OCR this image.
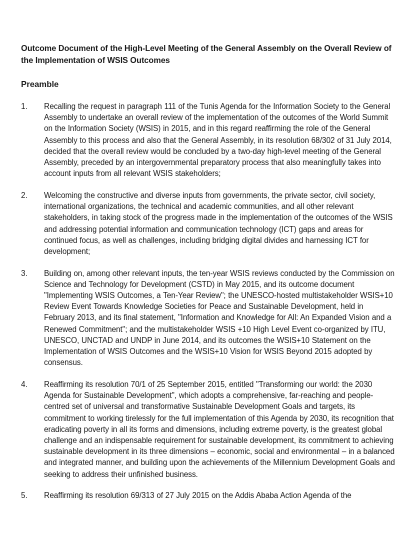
Outcome Document of the High-Level Meeting of the General Assembly on the Overall Review of the Implementation of WSIS Outcomes
Preamble
1.	Recalling the request in paragraph 111 of the Tunis Agenda for the Information Society to the General Assembly to undertake an overall review of the implementation of the outcomes of the World Summit on the Information Society (WSIS) in 2015, and in this regard reaffirming the role of the General Assembly to this process and also that the General Assembly, in its resolution 68/302 of 31 July 2014, decided that the overall review would be concluded by a two-day high-level meeting of the General Assembly, preceded by an intergovernmental preparatory process that also meaningfully takes into account inputs from all relevant WSIS stakeholders;
2.	Welcoming the constructive and diverse inputs from governments, the private sector, civil society, international organizations, the technical and academic communities, and all other relevant stakeholders, in taking stock of the progress made in the implementation of the outcomes of the WSIS and addressing potential information and communication technology (ICT) gaps and areas for continued focus, as well as challenges, including bridging digital divides and harnessing ICT for development;
3.	Building on, among other relevant inputs, the ten-year WSIS reviews conducted by the Commission on Science and Technology for Development (CSTD) in May 2015, and its outcome document "Implementing WSIS Outcomes, a Ten-Year Review"; the UNESCO-hosted multistakeholder WSIS+10 Review Event Towards Knowledge Societies for Peace and Sustainable Development, held in February 2013, and its final statement, "Information and Knowledge for All: An Expanded Vision and a Renewed Commitment"; and the multistakeholder WSIS +10 High Level Event co-organized by ITU, UNESCO, UNCTAD and UNDP in June 2014, and its outcomes the WSIS+10 Statement on the Implementation of WSIS Outcomes and the WSIS+10 Vision for WSIS Beyond 2015 adopted by consensus.
4.	Reaffirming its resolution 70/1 of 25 September 2015, entitled "Transforming our world: the 2030 Agenda for Sustainable Development", which adopts a comprehensive, far-reaching and people-centred set of universal and transformative Sustainable Development Goals and targets, its commitment to working tirelessly for the full implementation of this Agenda by 2030, its recognition that eradicating poverty in all its forms and dimensions, including extreme poverty, is the greatest global challenge and an indispensable requirement for sustainable development, its commitment to achieving sustainable development in its three dimensions – economic, social and environmental – in a balanced and integrated manner, and building upon the achievements of the Millennium Development Goals and seeking to address their unfinished business.
5.	Reaffirming its resolution 69/313 of 27 July 2015 on the Addis Ababa Action Agenda of the
